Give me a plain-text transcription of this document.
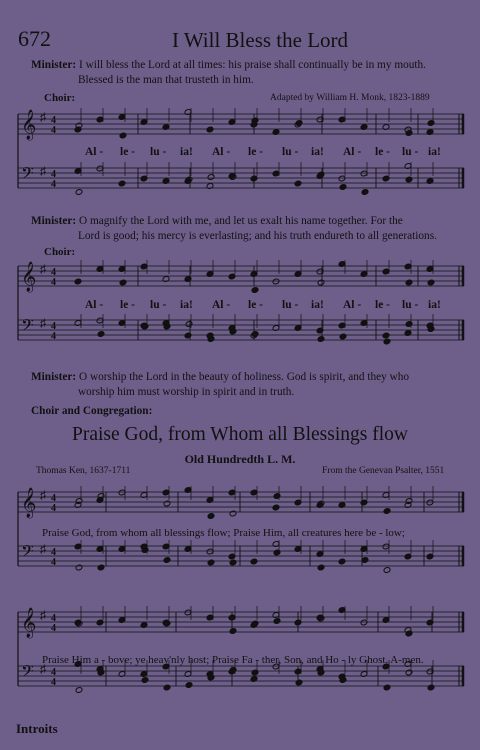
672	I Will Bless the Lord
Minister: I will bless the Lord at all times: his praise shall continually be in my mouth.
Blessed is the man that trusteth in him.
Choir:	Adapted by William H. Monk, 1823-1889
♯ 4
4
♯ 4
4
𝄞
𝄢
Al - le - lu - ia! Al - le - lu - ia! Al - le - lu - ia!
Minister: O magnify the Lord with me, and let us exalt his name together. For the
Lord is good; his mercy is everlasting; and his truth endureth to all generations.
Choir:
♯ 4
4
♯ 4
4
𝄞
𝄢
Al - le - lu - ia! Al - le - lu - ia! Al - le - lu - ia!
Minister: O worship the Lord in the beauty of holiness. God is spirit, and they who
worship him must worship in spirit and in truth.
Choir and Congregation:
Praise God, from Whom all Blessings flow
Old Hundredth L. M.
Thomas Ken, 1637-1711	From the Genevan Psalter, 1551
♯ 4
4
♯ 4
4
𝄞
𝄢
Praise God, from whom all blessings flow; Praise Him, all creatures here be - low;
♯ 4
4
♯ 4
4
𝄞
𝄢
Praise Him a - bove; ye heav'nly host; Praise Fa - ther, Son, and Ho - ly Ghost. A-men.
Introits
